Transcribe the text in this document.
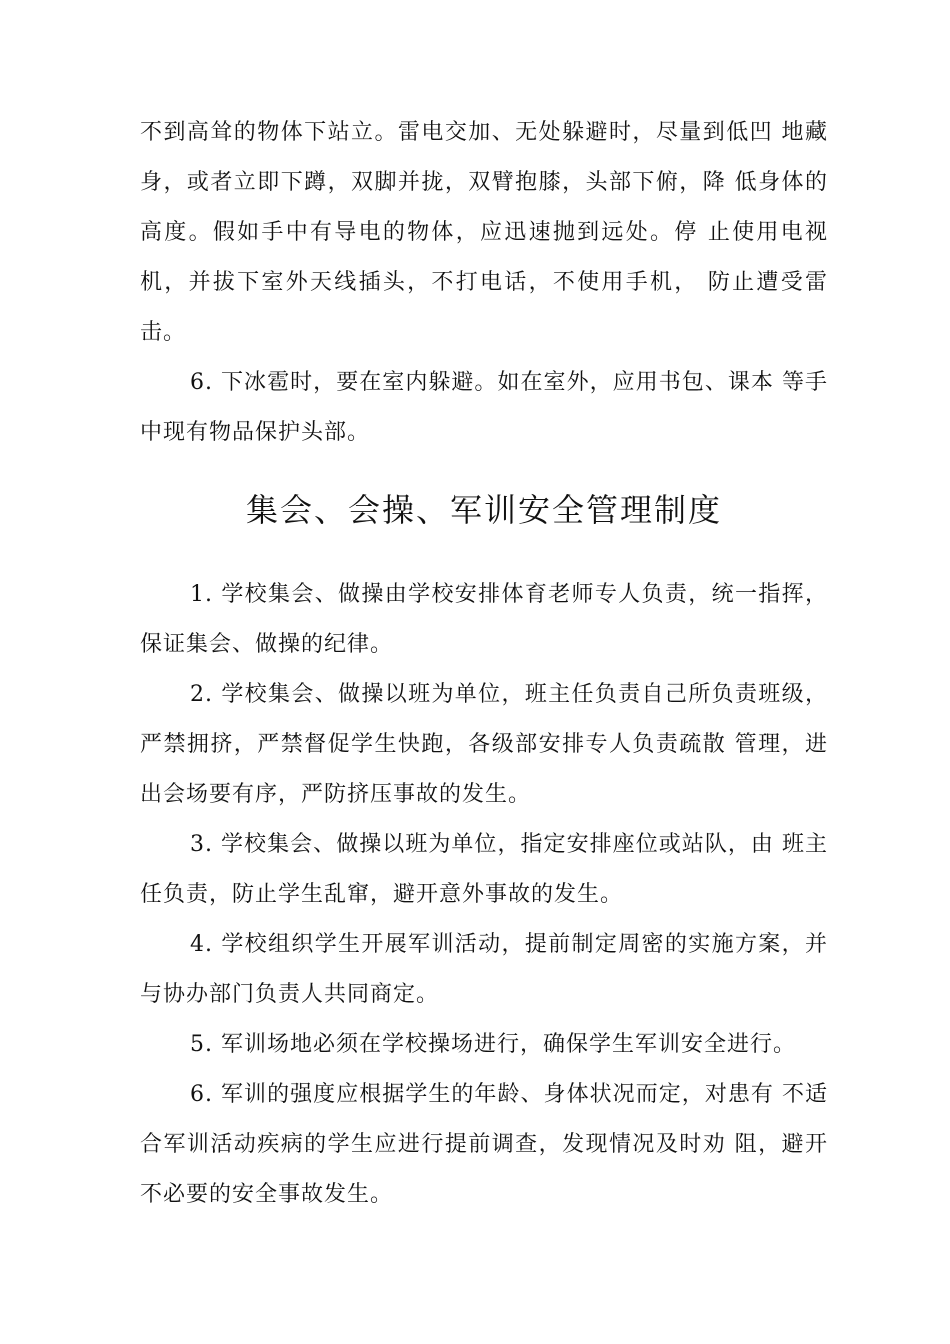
不到高耸的物体下站立。雷电交加、无处躲避时，尽量到低凹 地藏身，或者立即下蹲，双脚并拢，双臂抱膝，头部下俯，降 低身体的高度。假如手中有导电的物体，应迅速抛到远处。停 止使用电视机，并拔下室外天线插头，不打电话，不使用手机， 防止遭受雷击。

6. 下冰雹时，要在室内躲避。如在室外，应用书包、课本 等手中现有物品保护头部。

集会、会操、军训安全管理制度

1. 学校集会、做操由学校安排体育老师专人负责，统一指挥，保证集会、做操的纪律。

2. 学校集会、做操以班为单位，班主任负责自己所负责班级，严禁拥挤，严禁督促学生快跑，各级部安排专人负责疏散 管理，进出会场要有序，严防挤压事故的发生。

3. 学校集会、做操以班为单位，指定安排座位或站队，由 班主任负责，防止学生乱窜，避开意外事故的发生。

4. 学校组织学生开展军训活动，提前制定周密的实施方案，并与协办部门负责人共同商定。

5. 军训场地必须在学校操场进行，确保学生军训安全进行。

6. 军训的强度应根据学生的年龄、身体状况而定，对患有 不适合军训活动疾病的学生应进行提前调查，发现情况及时劝 阻，避开不必要的安全事故发生。
